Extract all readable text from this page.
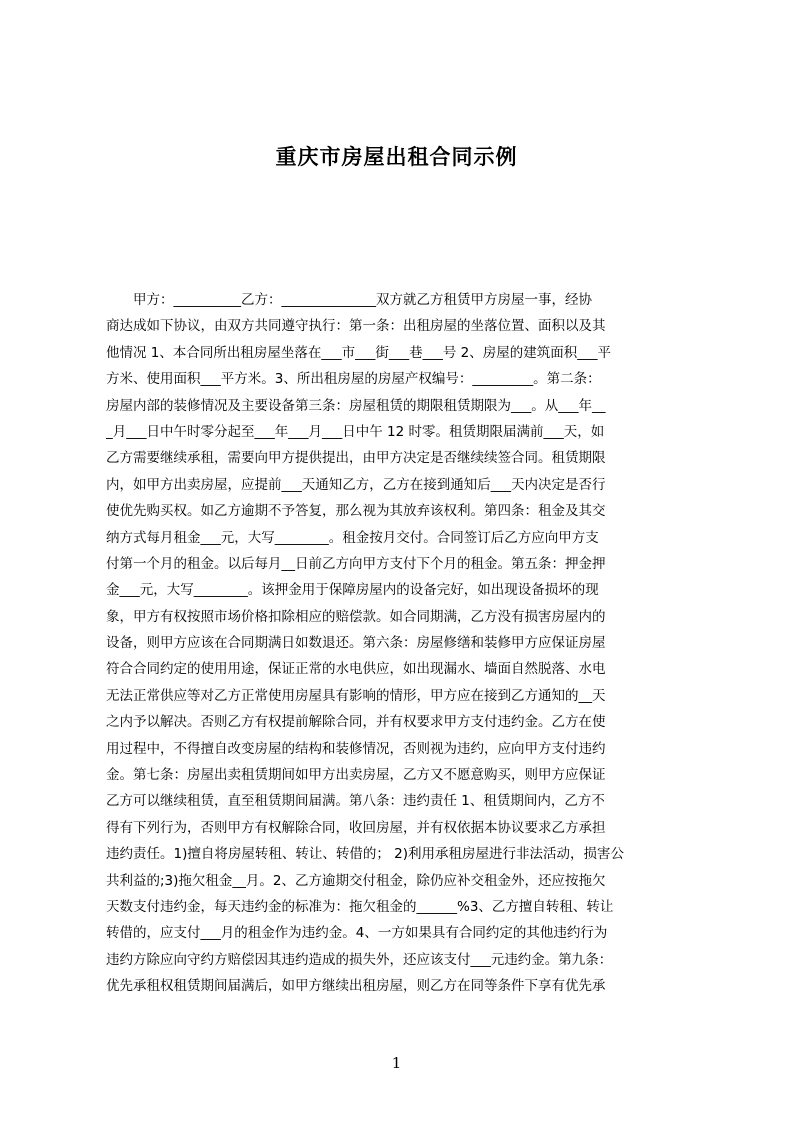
重庆市房屋出租合同示例
　　甲方：__________乙方：______________双方就乙方租赁甲方房屋一事，经协
商达成如下协议，由双方共同遵守执行：第一条：出租房屋的坐落位置、面积以及其
他情况 1、本合同所出租房屋坐落在___市___街___巷___号 2、房屋的建筑面积___平
方米、使用面积___平方米。3、所出租房屋的房屋产权编号：_________。第二条：
房屋内部的装修情况及主要设备第三条：房屋租赁的期限租赁期限为___。从___年__
_月___日中午时零分起至___年___月___日中午 12 时零。租赁期限届满前___天，如
乙方需要继续承租，需要向甲方提供提出，由甲方决定是否继续续签合同。租赁期限
内，如甲方出卖房屋，应提前___天通知乙方，乙方在接到通知后___天内决定是否行
使优先购买权。如乙方逾期不予答复，那么视为其放弃该权利。第四条：租金及其交
纳方式每月租金___元，大写________。租金按月交付。合同签订后乙方应向甲方支
付第一个月的租金。以后每月__日前乙方向甲方支付下个月的租金。第五条：押金押
金___元，大写________。该押金用于保障房屋内的设备完好，如出现设备损坏的现
象，甲方有权按照市场价格扣除相应的赔偿款。如合同期满，乙方没有损害房屋内的
设备，则甲方应该在合同期满日如数退还。第六条：房屋修缮和装修甲方应保证房屋
符合合同约定的使用用途，保证正常的水电供应，如出现漏水、墙面自然脱落、水电
无法正常供应等对乙方正常使用房屋具有影响的情形，甲方应在接到乙方通知的__天
之内予以解决。否则乙方有权提前解除合同，并有权要求甲方支付违约金。乙方在使
用过程中，不得擅自改变房屋的结构和装修情况，否则视为违约，应向甲方支付违约
金。第七条：房屋出卖租赁期间如甲方出卖房屋，乙方又不愿意购买，则甲方应保证
乙方可以继续租赁，直至租赁期间届满。第八条：违约责任 1、租赁期间内，乙方不
得有下列行为，否则甲方有权解除合同，收回房屋，并有权依据本协议要求乙方承担
违约责任。1)擅自将房屋转租、转让、转借的； 2)利用承租房屋进行非法活动，损害公
共利益的;3)拖欠租金__月。2、乙方逾期交付租金，除仍应补交租金外，还应按拖欠
天数支付违约金，每天违约金的标准为：拖欠租金的______%3、乙方擅自转租、转让
转借的，应支付___月的租金作为违约金。4、一方如果具有合同约定的其他违约行为
违约方除应向守约方赔偿因其违约造成的损失外，还应该支付___元违约金。第九条：
优先承租权租赁期间届满后，如甲方继续出租房屋，则乙方在同等条件下享有优先承
1
